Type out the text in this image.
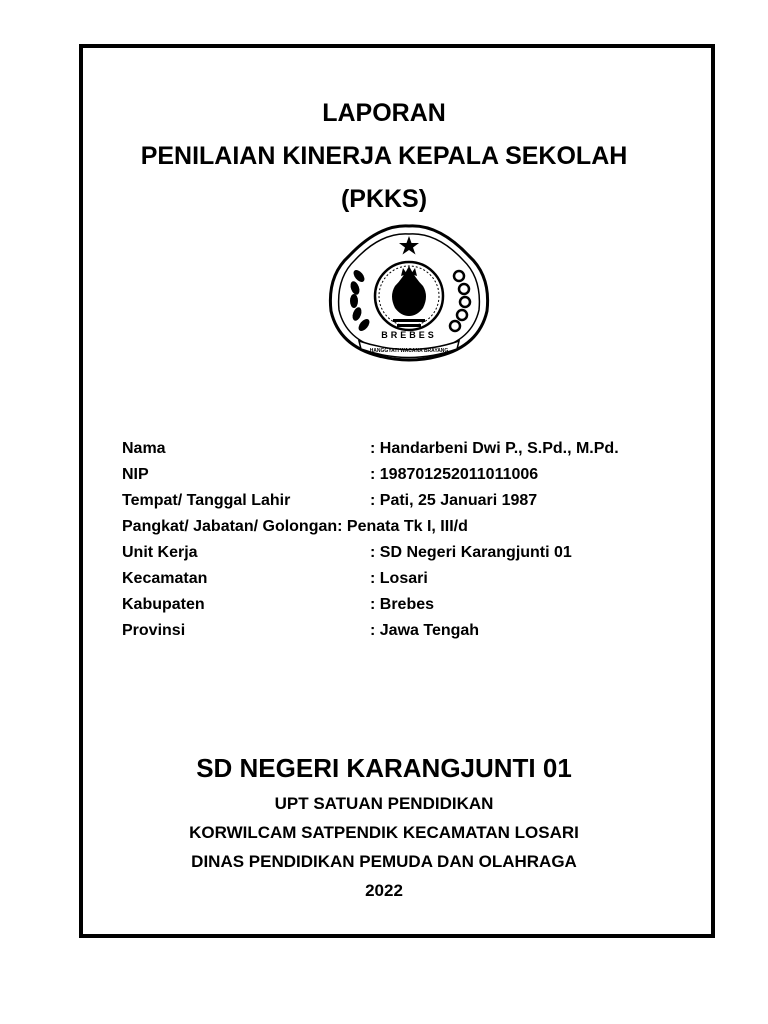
LAPORAN
PENILAIAN KINERJA KEPALA SEKOLAH
(PKKS)
BREBES
HANGGYATI WACANA BRAYANG
Nama	: Handarbeni Dwi P., S.Pd., M.Pd.
NIP	: 198701252011011006
Tempat/ Tanggal Lahir	: Pati, 25 Januari 1987
Pangkat/ Jabatan/ Golongan: Penata Tk I, III/d
Unit Kerja	: SD Negeri Karangjunti 01
Kecamatan	: Losari
Kabupaten	: Brebes
Provinsi	: Jawa Tengah
SD NEGERI KARANGJUNTI 01
UPT SATUAN PENDIDIKAN
KORWILCAM SATPENDIK KECAMATAN LOSARI
DINAS PENDIDIKAN PEMUDA DAN OLAHRAGA
2022
